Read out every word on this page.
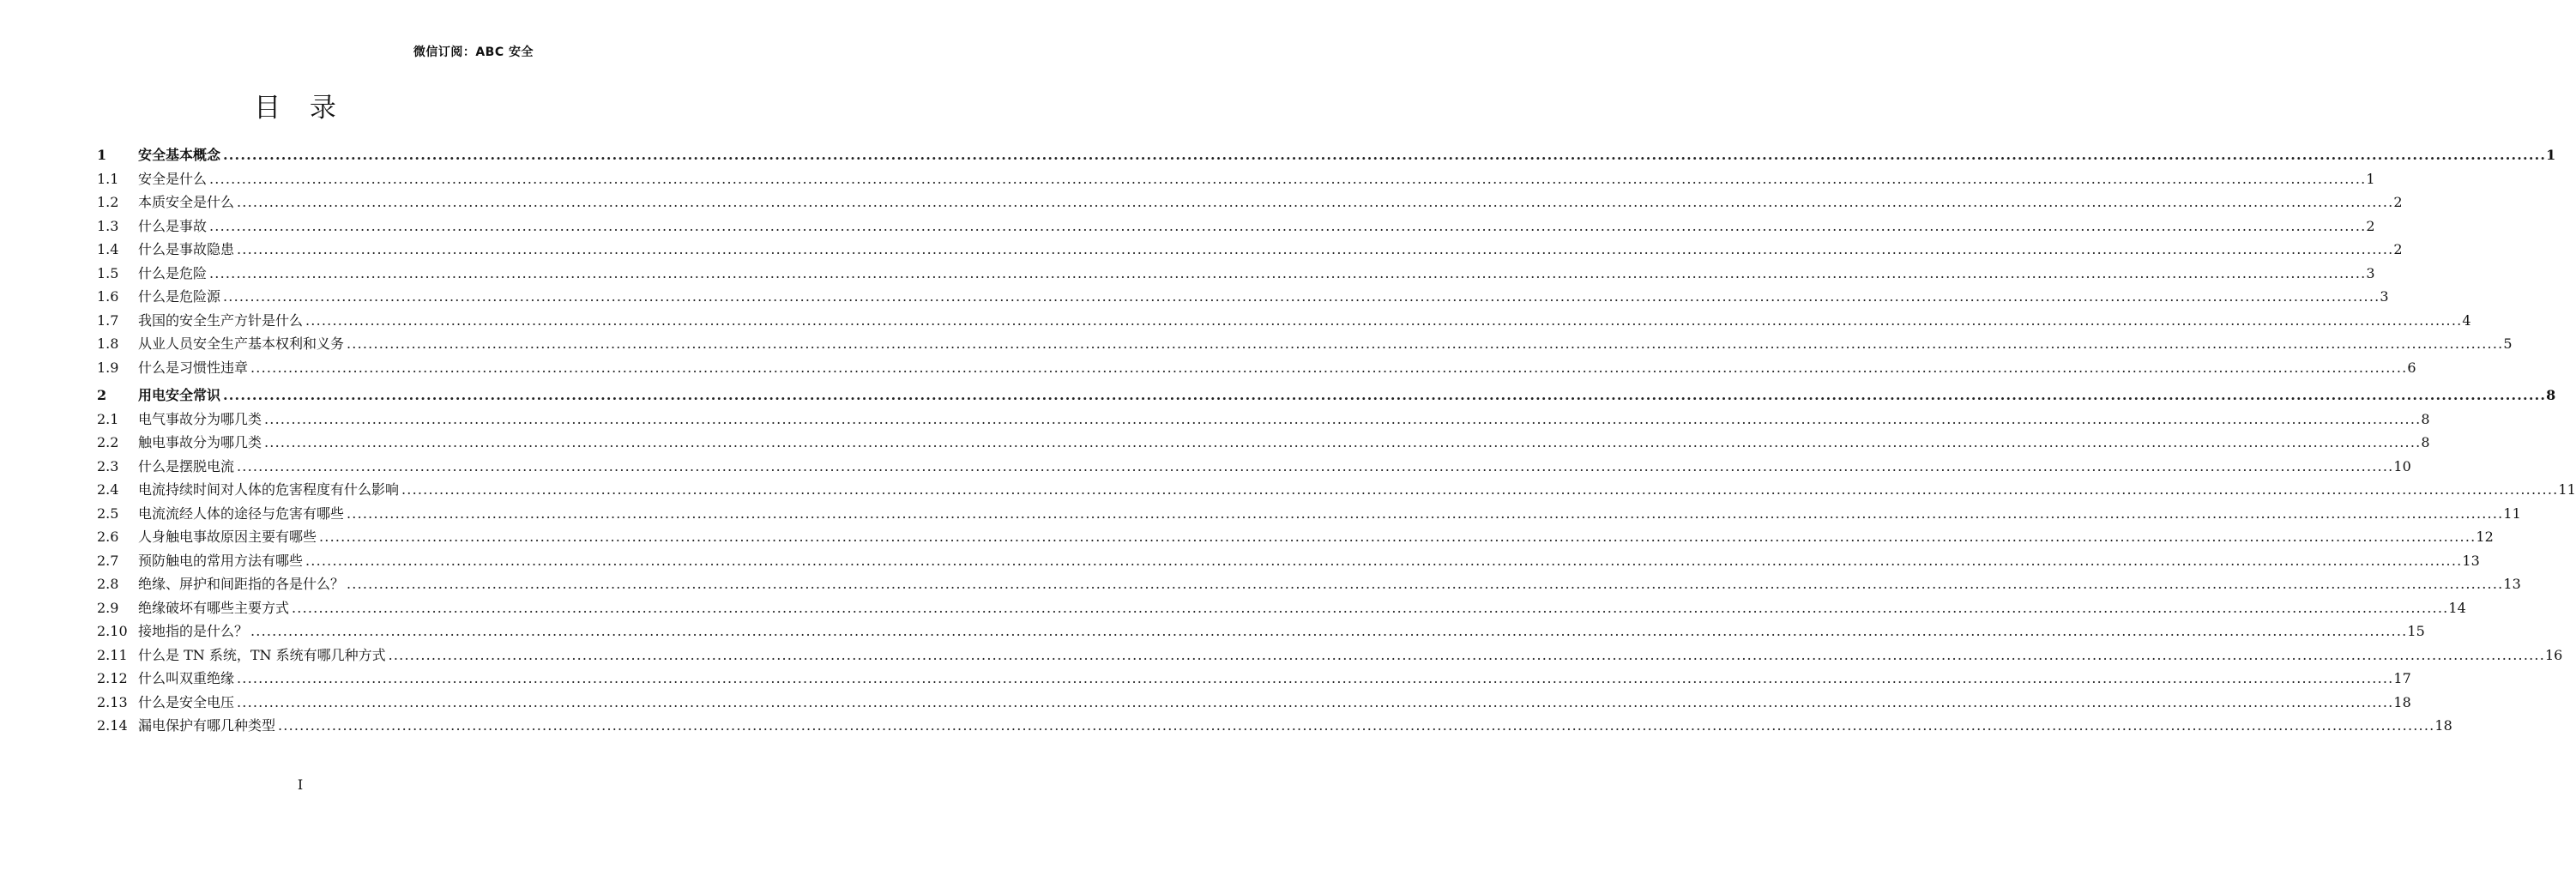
微信订阅：ABC 安全
目 录
1	安全基本概念 ................................................................................................................................................................................................................................................................................................................................................................................................................ 1
1.1	安全是什么 ................................................................................................................................................................................................................................................................................................................................................................................................................ 1
1.2	本质安全是什么 ................................................................................................................................................................................................................................................................................................................................................................................................................ 2
1.3	什么是事故 ................................................................................................................................................................................................................................................................................................................................................................................................................ 2
1.4	什么是事故隐患 ................................................................................................................................................................................................................................................................................................................................................................................................................ 2
1.5	什么是危险 ................................................................................................................................................................................................................................................................................................................................................................................................................ 3
1.6	什么是危险源 ................................................................................................................................................................................................................................................................................................................................................................................................................ 3
1.7	我国的安全生产方针是什么 ................................................................................................................................................................................................................................................................................................................................................................................................................ 4
1.8	从业人员安全生产基本权利和义务 ................................................................................................................................................................................................................................................................................................................................................................................................................ 5
1.9	什么是习惯性违章 ................................................................................................................................................................................................................................................................................................................................................................................................................ 6
2	用电安全常识 ................................................................................................................................................................................................................................................................................................................................................................................................................ 8
2.1	电气事故分为哪几类 ................................................................................................................................................................................................................................................................................................................................................................................................................ 8
2.2	触电事故分为哪几类 ................................................................................................................................................................................................................................................................................................................................................................................................................ 8
2.3	什么是摆脱电流 ................................................................................................................................................................................................................................................................................................................................................................................................................ 10
2.4	电流持续时间对人体的危害程度有什么影响 ................................................................................................................................................................................................................................................................................................................................................................................................................ 11
2.5	电流流经人体的途径与危害有哪些 ................................................................................................................................................................................................................................................................................................................................................................................................................ 11
2.6	人身触电事故原因主要有哪些 ................................................................................................................................................................................................................................................................................................................................................................................................................ 12
2.7	预防触电的常用方法有哪些 ................................................................................................................................................................................................................................................................................................................................................................................................................ 13
2.8	绝缘、屏护和间距指的各是什么？ ................................................................................................................................................................................................................................................................................................................................................................................................................ 13
2.9	绝缘破坏有哪些主要方式 ................................................................................................................................................................................................................................................................................................................................................................................................................ 14
2.10 接地指的是什么？ ................................................................................................................................................................................................................................................................................................................................................................................................................ 15
2.11 什么是 TN 系统，TN 系统有哪几种方式 ................................................................................................................................................................................................................................................................................................................................................................................................................ 16
2.12 什么叫双重绝缘 ................................................................................................................................................................................................................................................................................................................................................................................................................ 17
2.13 什么是安全电压 ................................................................................................................................................................................................................................................................................................................................................................................................................ 18
2.14 漏电保护有哪几种类型 ................................................................................................................................................................................................................................................................................................................................................................................................................ 18
I
